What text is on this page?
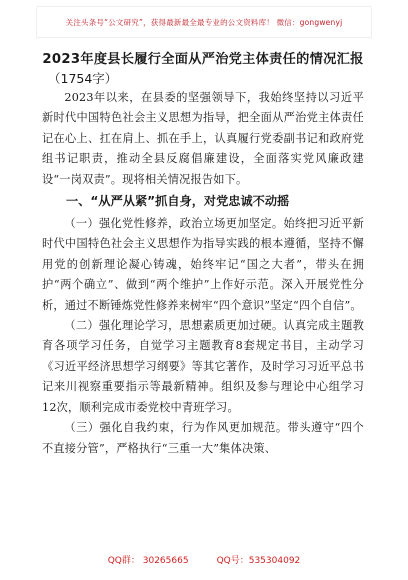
关注头条号“公文研究”，获得最新最全最专业的公文资料库！ 微信：gongwenyj
2023年度县长履行全面从严治党主体责任的情况汇报
（1754字）

2023年以来，在县委的坚强领导下，我始终坚持以习近平新时代中国特色社会主义思想为指导，把全面从严治党主体责任记在心上、扛在肩上、抓在手上，认真履行党委副书记和政府党组书记职责，推动全县反腐倡廉建设，全面落实党风廉政建设“一岗双责”。现将相关情况报告如下。

一、“从严从紧”抓自身，对党忠诚不动摇

（一）强化党性修养，政治立场更加坚定。始终把习近平新时代中国特色社会主义思想作为指导实践的根本遵循，坚持不懈用党的创新理论凝心铸魂，始终牢记“国之大者”，带头在拥护“两个确立”、做到“两个维护”上作好示范。深入开展党性分析，通过不断锤炼党性修养来树牢“四个意识”坚定“四个自信”。

（二）强化理论学习，思想素质更加过硬。认真完成主题教育各项学习任务，自觉学习主题教育8套规定书目，主动学习《习近平经济思想学习纲要》等其它著作，及时学习习近平总书记来川视察重要指示等最新精神。组织及参与理论中心组学习12次，顺利完成市委党校中青班学习。

（三）强化自我约束，行为作风更加规范。带头遵守“四个不直接分管”，严格执行“三重一大”集体决策、

QQ群： 30265665	QQ号：535304092
